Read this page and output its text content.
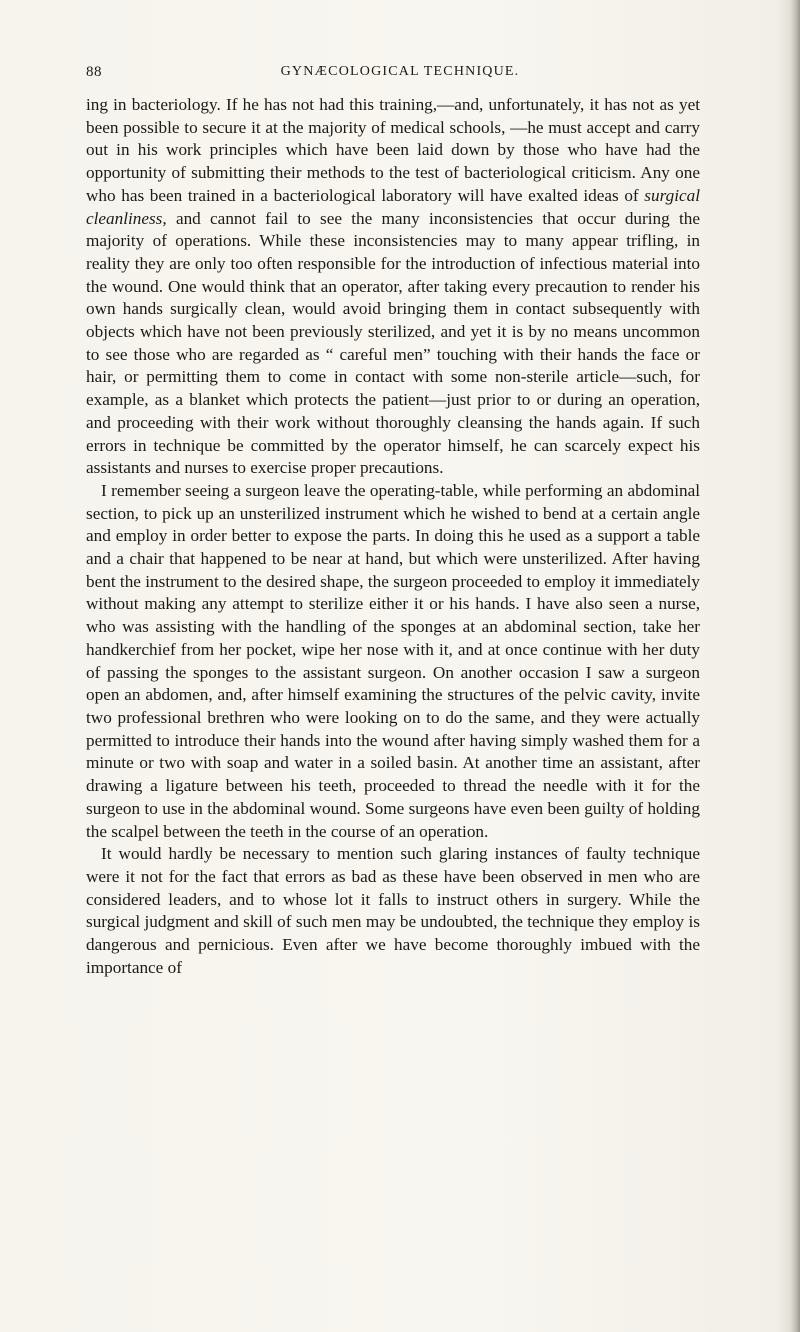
88	GYNÆCOLOGICAL TECHNIQUE.

ing in bacteriology. If he has not had this training,—and, unfortunately, it has not as yet been possible to secure it at the majority of medical schools, —he must accept and carry out in his work principles which have been laid down by those who have had the opportunity of submitting their methods to the test of bacteriological criticism. Any one who has been trained in a bacteriological laboratory will have exalted ideas of surgical cleanliness, and cannot fail to see the many inconsistencies that occur during the majority of operations. While these inconsistencies may to many appear trifling, in reality they are only too often responsible for the introduction of infectious material into the wound. One would think that an operator, after taking every precaution to render his own hands surgically clean, would avoid bringing them in contact subsequently with objects which have not been previously sterilized, and yet it is by no means uncommon to see those who are regarded as “ careful men” touching with their hands the face or hair, or permitting them to come in contact with some non-sterile article—such, for example, as a blanket which protects the patient—just prior to or during an operation, and proceeding with their work without thoroughly cleansing the hands again. If such errors in technique be committed by the operator himself, he can scarcely expect his assistants and nurses to exercise proper precautions.

I remember seeing a surgeon leave the operating-table, while performing an abdominal section, to pick up an unsterilized instrument which he wished to bend at a certain angle and employ in order better to expose the parts. In doing this he used as a support a table and a chair that happened to be near at hand, but which were unsterilized. After having bent the instrument to the desired shape, the surgeon proceeded to employ it immediately without making any attempt to sterilize either it or his hands. I have also seen a nurse, who was assisting with the handling of the sponges at an abdominal section, take her handkerchief from her pocket, wipe her nose with it, and at once continue with her duty of passing the sponges to the assistant surgeon. On another occasion I saw a surgeon open an abdomen, and, after himself examining the structures of the pelvic cavity, invite two professional brethren who were looking on to do the same, and they were actually permitted to introduce their hands into the wound after having simply washed them for a minute or two with soap and water in a soiled basin. At another time an assistant, after drawing a ligature between his teeth, proceeded to thread the needle with it for the surgeon to use in the abdominal wound. Some surgeons have even been guilty of holding the scalpel between the teeth in the course of an operation.

It would hardly be necessary to mention such glaring instances of faulty technique were it not for the fact that errors as bad as these have been observed in men who are considered leaders, and to whose lot it falls to instruct others in surgery. While the surgical judgment and skill of such men may be undoubted, the technique they employ is dangerous and pernicious. Even after we have become thoroughly imbued with the importance of
